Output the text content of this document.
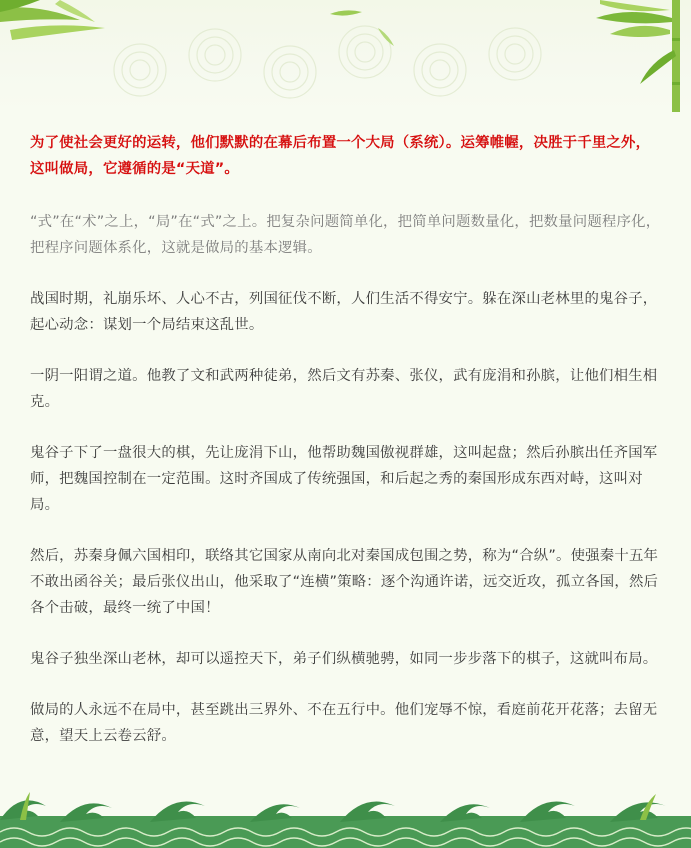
为了使社会更好的运转，他们默默的在幕后布置一个大局（系统）。运筹帷幄，决胜于千里之外，这叫做局，它遵循的是“天道”。

“式”在“术”之上，“局”在“式”之上。把复杂问题简单化，把简单问题数量化，把数量问题程序化，把程序问题体系化，这就是做局的基本逻辑。

战国时期，礼崩乐坏、人心不古，列国征伐不断，人们生活不得安宁。躲在深山老林里的鬼谷子，起心动念：谋划一个局结束这乱世。

一阴一阳谓之道。他教了文和武两种徒弟，然后文有苏秦、张仪，武有庞涓和孙膑，让他们相生相克。

鬼谷子下了一盘很大的棋，先让庞涓下山，他帮助魏国傲视群雄，这叫起盘；然后孙膑出任齐国军师，把魏国控制在一定范围。这时齐国成了传统强国，和后起之秀的秦国形成东西对峙，这叫对局。

然后，苏秦身佩六国相印，联络其它国家从南向北对秦国成包围之势，称为“合纵”。使强秦十五年不敢出函谷关；最后张仪出山，他采取了“连横”策略：逐个沟通许诺，远交近攻，孤立各国，然后各个击破，最终一统了中国！

鬼谷子独坐深山老林，却可以遥控天下，弟子们纵横驰骋，如同一步步落下的棋子，这就叫布局。

做局的人永远不在局中，甚至跳出三界外、不在五行中。他们宠辱不惊，看庭前花开花落；去留无意，望天上云卷云舒。
